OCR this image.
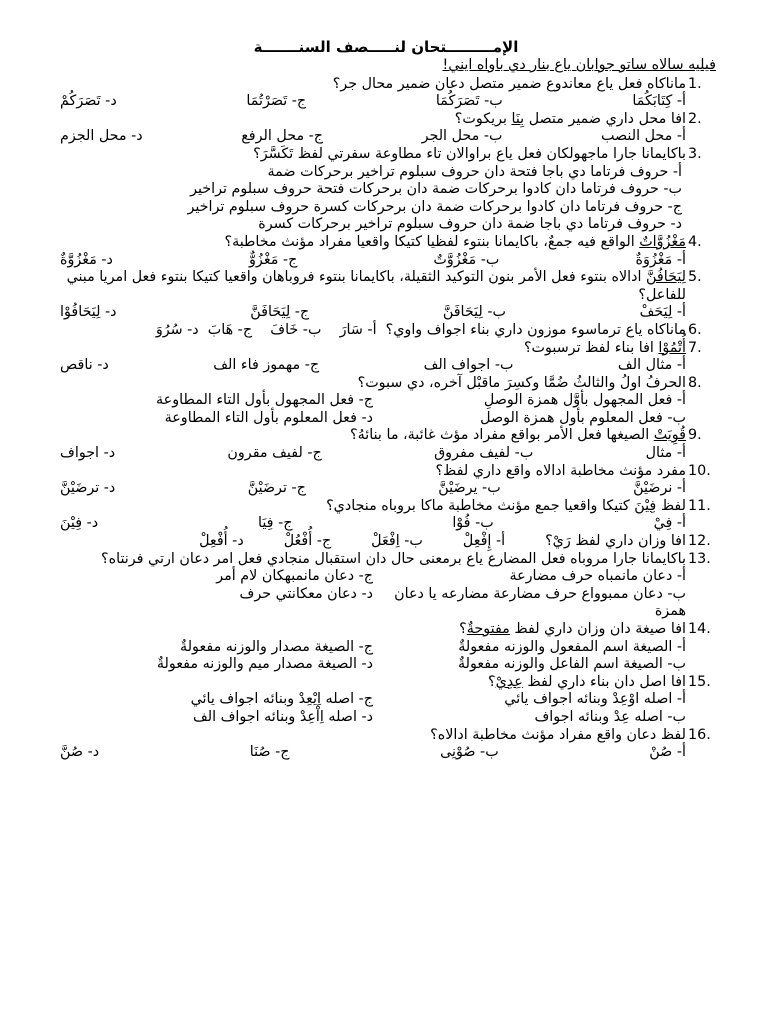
الإمـــــــــتحان لنـــــصف السنـــــــة

فيليه سالاه ساتو جوابان ياع بنار دي باواه ايني!

1.
ماناكاه فعل ياع معاندوع ضمير متصل دعان ضمير محال جر؟
أ- كِتَابَكُمَا
ب- تَصَرَكُمَا
ج- تَصَرْتُمَا
د- تَصَرَكُمْ
2.
افا محل داري ضمير متصل بِنَا بريكوت؟
أ- محل النصب
ب- محل الجر
ج- محل الرفع
د- محل الجزم
3.
باكايمانا جارا ماجهولكان فعل ياع براوالان تاء مطاوعة سفرتي لفظ تَكَسَّرَ؟
أ- حروف فرتاما دي باجا فتحة دان حروف سبلوم تراخير برحركات ضمة
ب- حروف فرتاما دان كادوا برحركات ضمة دان برحركات فتحة حروف سبلوم تراخير
ج- حروف فرتاما دان كادوا برحركات ضمة دان برحركات كسرة حروف سبلوم تراخير
د- حروف فرتاما دي باجا ضمة دان حروف سبلوم تراخير برحركات كسرة
4.
مَغْزُوَّاتٌ الواقع فيه جمعٌ، باكايمانا بنتوء لفظيا كتيكا واقعيا مفراد مؤنث مخاطبة؟
أ- مَغْزُوَةٌ
ب- مَغْزُوَّتٌ
ج- مَغْزُوٌّ
د- مَغْزُوَّةٌ
5.
لِيَحَافُنَّ ادالاه بنتوء فعل الأمر بنون التوكيد الثقيلة، باكايمانا بنتوء فروباهان واقعيا كتيكا بنتوء فعل امريا مبني للفاعل؟
أ- لِيَحَفْ
ب- لِيَحَافَنَّ
ج- لِيَحَافَنَّ
د- لِيَحَافُوْا
6.
ماناكاه ياع ترماسوء موزون داري بناء اجواف واوي؟  أ- سَارَ    ب- خَافَ    ج- هَابَ  د- سُرُوَ
7.
أُتْمُوْا افا بناء لفظ ترسبوت؟
أ- مثال الف
ب- اجواف الف
ج- مهموز فاء الف
د- ناقص
8.
الحرفُ اولُ والثالثُ ضُمَّا وكسِرَ ماقبْل آخره، دي سبوت؟
أ- فعل المجهول بأوَّل همزة الوصلِ
ج- فعل المجهول بأول التاء المطاوعة
ب- فعل المعلوم بأول همزة الوصل
د- فعل المعلوم بأول التاء المطاوعة
9.
قُوِيَتْ الصيغها فعل الأمر بواقع مفراد مؤث غائبة، ما بنائهُ؟
أ- مثال
ب- لفيف مفروق
ج- لفيف مقرون
د- اجواف
10.
مفرد مؤنث مخاطبة ادالاه واقع داري لفظ؟
أ- نرضَيْنَّ
ب- يرضَيْنَّ
ج- ترضَيْنَّ
د- ترضَيْنَّ
11.
لفظ فِيْنَ كتيكا واقعيا جمع مؤنث مخاطبة ماكا بروباه منجادي؟
أ- فِيْ
ب- فُوْا
ج- فِيَا
د- فِيْنَ
12.
افا وزان داري لفظ رَيْ؟
أ- إِفْعِلْ
ب- اِفْعَلْ
ج- أُفْعُلْ
د- أُفْعِلْ
13.
باكايمانا جارا مروباه فعل المضارع ياع برمعنى حال دان استقبال منجادي فعل امر دعان ارتي فرنتاه؟
أ- دعان مانمباه حرف مضارعة
ج- دعان مانمبهكان لام أمر
ب- دعان ممبوواع حرف مضارعة مضارعه يا دعان همزة
د- دعان معكانتي حرف
14.
افا صيغة دان وزان داري لفظ مفتوحةٌ؟
أ- الصيغة اسم المفعول والوزنه مفعولةٌ
ج- الصيغة مصدار والوزنه مفعولةٌ
ب- الصيغة اسم الفاعل والوزنه مفعولةٌ
د- الصيغة مصدار ميم والوزنه مفعولةٌ
15.
افا اصل دان بناء داري لفظ عِدِيْ؟
أ- اصله اوْعِدْ وبنائه اجواف يائي
ج- اصله اِيْعِدْ وبنائه اجواف يائي
ب- اصله عِدْ وبنائه اجواف
د- اصله اِاْعِدْ وبنائه اجواف الف
16.
لفظ دعان واقع مفراد مؤنث مخاطبة ادالاه؟
أ- صُنْ
ب- صُوْنِى
ج- صُنَا
د- صُنَّ
